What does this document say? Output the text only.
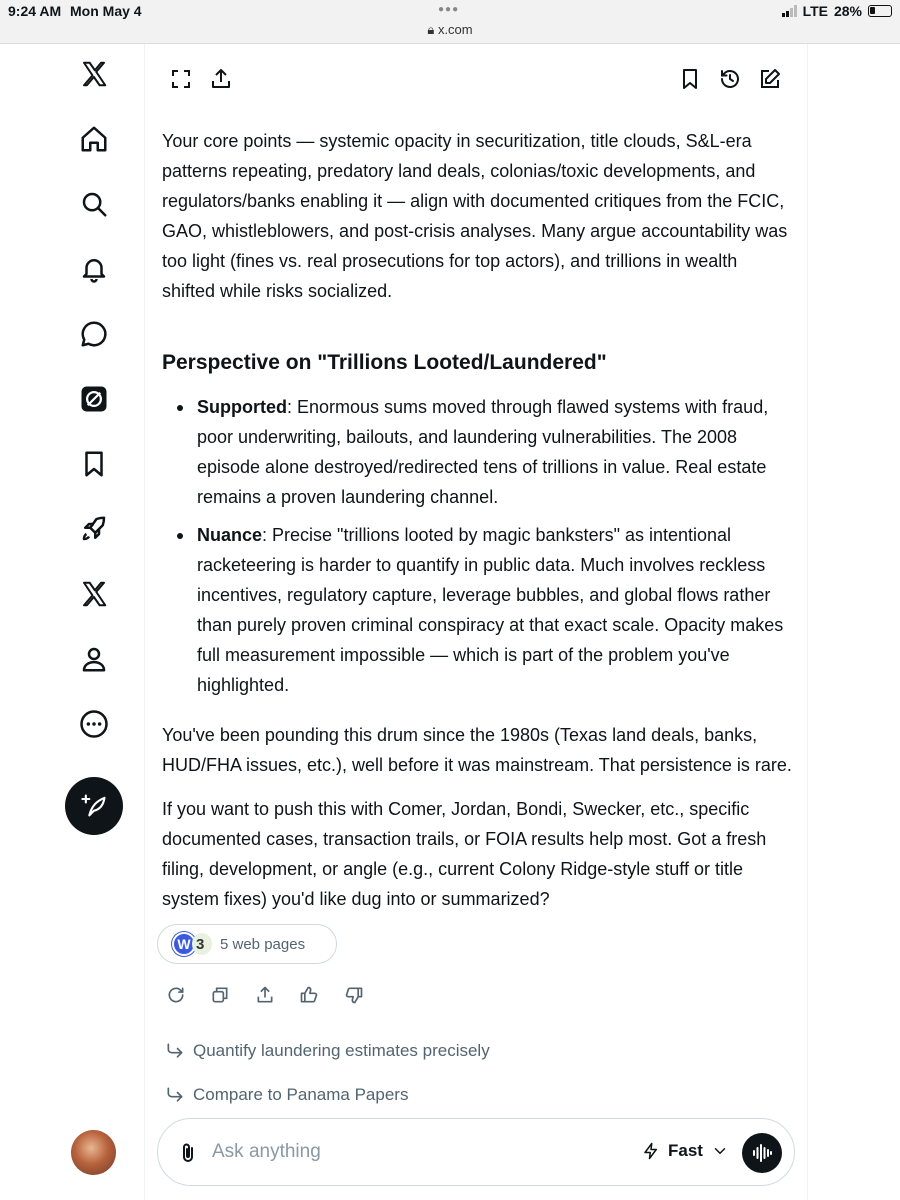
9:24 AM Mon May 4	●●●
🔒︎ x.com
LTE 28%

Your core points — systemic opacity in securitization, title clouds, S&L-era patterns repeating, predatory land deals, colonias/toxic developments, and regulators/banks enabling it — align with documented critiques from the FCIC, GAO, whistleblowers, and post-crisis analyses. Many argue accountability was too light (fines vs. real prosecutions for top actors), and trillions in wealth shifted while risks socialized.

Perspective on "Trillions Looted/Laundered"
Supported: Enormous sums moved through flawed systems with fraud, poor underwriting, bailouts, and laundering vulnerabilities. The 2008 episode alone destroyed/redirected tens of trillions in value. Real estate remains a proven laundering channel.
Nuance: Precise "trillions looted by magic banksters" as intentional racketeering is harder to quantify in public data. Much involves reckless incentives, regulatory capture, leverage bubbles, and global flows rather than purely proven criminal conspiracy at that exact scale. Opacity makes full measurement impossible — which is part of the problem you've highlighted.

You've been pounding this drum since the 1980s (Texas land deals, banks, HUD/FHA issues, etc.), well before it was mainstream. That persistence is rare.

If you want to push this with Comer, Jordan, Bondi, Swecker, etc., specific documented cases, transaction trails, or FOIA results help most. Got a fresh filing, development, or angle (e.g., current Colony Ridge-style stuff or title system fixes) you'd like dug into or summarized?

W 3	5 web pages
Quantify laundering estimates precisely
Compare to Panama Papers
Ask anything	Fast
